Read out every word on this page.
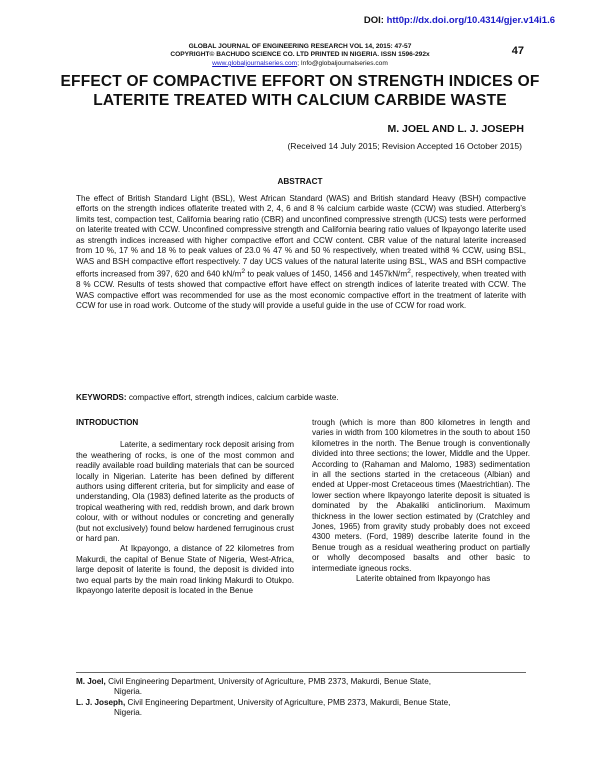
DOI: htt0p://dx.doi.org/10.4314/gjer.v14i1.6
GLOBAL JOURNAL OF ENGINEERING RESEARCH VOL 14, 2015: 47-57
COPYRIGHT© BACHUDO SCIENCE CO. LTD PRINTED IN NIGERIA. ISSN 1596-292x
www.globaljournalseries.com; Info@globaljournalseries.com
47
EFFECT OF COMPACTIVE EFFORT ON STRENGTH INDICES OF LATERITE TREATED WITH CALCIUM CARBIDE WASTE
M. JOEL AND L. J. JOSEPH
(Received 14 July 2015; Revision Accepted 16 October 2015)
ABSTRACT
The effect of British Standard Light (BSL), West African Standard (WAS) and British standard Heavy (BSH) compactive efforts on the strength indices oflaterite treated with 2, 4, 6 and 8 % calcium carbide waste (CCW) was studied. Atterberg’s limits test, compaction test, California bearing ratio (CBR) and unconfined compressive strength (UCS) tests were performed on laterite treated with CCW. Unconfined compressive strength and California bearing ratio values of Ikpayongo laterite used as strength indices increased with higher compactive effort and CCW content. CBR value of the natural laterite increased from 10 %, 17 % and 18 % to peak values of 23.0 % 47 % and 50 % respectively, when treated with8 % CCW, using BSL, WAS and BSH compactive effort respectively. 7 day UCS values of the natural laterite using BSL, WAS and BSH compactive efforts increased from 397, 620 and 640 $kN/m^2$ to peak values of 1450, 1456 and $1457kN/m^2$, respectively, when treated with 8 % CCW. Results of tests showed that compactive effort have effect on strength indices of laterite treated with CCW. The WAS compactive effort was recommended for use as the most economic compactive effort in the treatment of laterite with CCW for use in road work. Outcome of the study will provide a useful guide in the use of CCW for road work.
KEYWORDS: compactive effort, strength indices, calcium carbide waste.
INTRODUCTION

Laterite, a sedimentary rock deposit arising from the weathering of rocks, is one of the most common and readily available road building materials that can be sourced locally in Nigerian. Laterite has been defined by different authors using different criteria, but for simplicity and ease of understanding, Ola (1983) defined laterite as the products of tropical weathering with red, reddish brown, and dark brown colour, with or without nodules or concreting and generally (but not exclusively) found below hardened ferruginous crust or hard pan.

At Ikpayongo, a distance of 22 kilometres from Makurdi, the capital of Benue State of Nigeria, West-Africa, large deposit of laterite is found, the deposit is divided into two equal parts by the main road linking Makurdi to Otukpo. Ikpayongo laterite deposit is located in the Benue

trough (which is more than 800 kilometres in length and varies in width from 100 kilometres in the south to about 150 kilometres in the north. The Benue trough is conventionally divided into three sections; the lower, Middle and the Upper. According to (Rahaman and Malomo, 1983) sedimentation in all the sections started in the cretaceous (Albian) and ended at Upper-most Cretaceous times (Maestrichtian). The lower section where Ikpayongo laterite deposit is situated is dominated by the Abakaliki anticlinorium. Maximum thickness in the lower section estimated by (Cratchley and Jones, 1965) from gravity study probably does not exceed 4300 meters. (Ford, 1989) describe laterite found in the Benue trough as a residual weathering product on partially or wholly decomposed basalts and other basic to intermediate igneous rocks.

Laterite obtained from Ikpayongo has

M. Joel, Civil Engineering Department, University of Agriculture, PMB 2373, Makurdi, Benue State,
Nigeria.
L. J. Joseph, Civil Engineering Department, University of Agriculture, PMB 2373, Makurdi, Benue State,
Nigeria.
